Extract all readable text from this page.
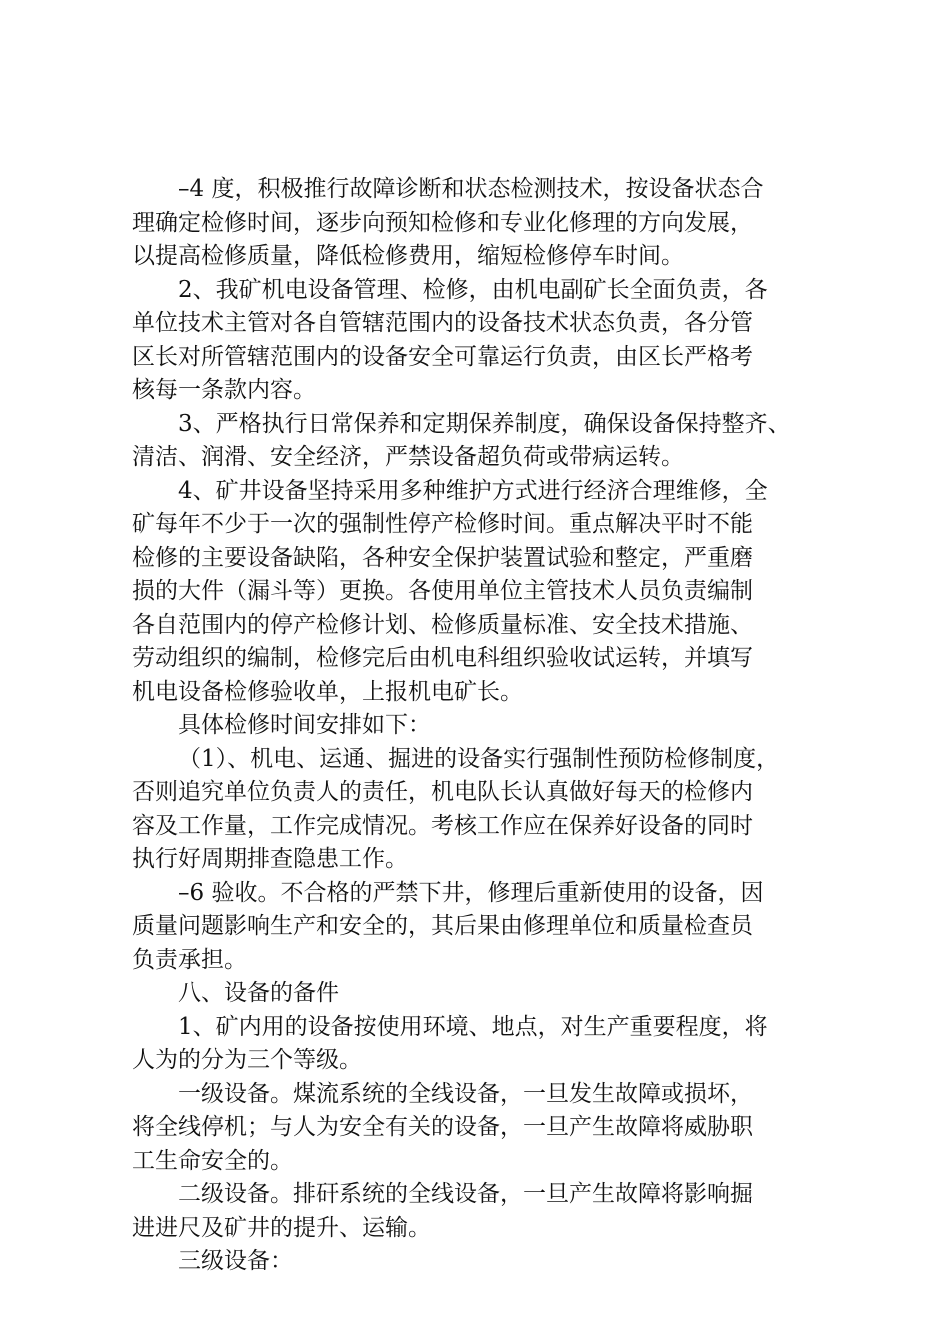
–4 度，积极推行故障诊断和状态检测技术，按设备状态合
理确定检修时间，逐步向预知检修和专业化修理的方向发展，
以提高检修质量，降低检修费用，缩短检修停车时间。
2、我矿机电设备管理、检修，由机电副矿长全面负责，各
单位技术主管对各自管辖范围内的设备技术状态负责，各分管
区长对所管辖范围内的设备安全可靠运行负责，由区长严格考
核每一条款内容。
3、严格执行日常保养和定期保养制度，确保设备保持整齐、
清洁、润滑、安全经济，严禁设备超负荷或带病运转。
4、矿井设备坚持采用多种维护方式进行经济合理维修，全
矿每年不少于一次的强制性停产检修时间。重点解决平时不能
检修的主要设备缺陷，各种安全保护装置试验和整定，严重磨
损的大件（漏斗等）更换。各使用单位主管技术人员负责编制
各自范围内的停产检修计划、检修质量标准、安全技术措施、
劳动组织的编制，检修完后由机电科组织验收试运转，并填写
机电设备检修验收单，上报机电矿长。
具体检修时间安排如下：
（1）、机电、运通、掘进的设备实行强制性预防检修制度，
否则追究单位负责人的责任，机电队长认真做好每天的检修内
容及工作量，工作完成情况。考核工作应在保养好设备的同时
执行好周期排查隐患工作。
–6 验收。不合格的严禁下井，修理后重新使用的设备，因
质量问题影响生产和安全的，其后果由修理单位和质量检查员
负责承担。
八、设备的备件
1、矿内用的设备按使用环境、地点，对生产重要程度，将
人为的分为三个等级。
一级设备。煤流系统的全线设备，一旦发生故障或损坏，
将全线停机；与人为安全有关的设备，一旦产生故障将威胁职
工生命安全的。
二级设备。排矸系统的全线设备，一旦产生故障将影响掘
进进尺及矿井的提升、运输。
三级设备：
